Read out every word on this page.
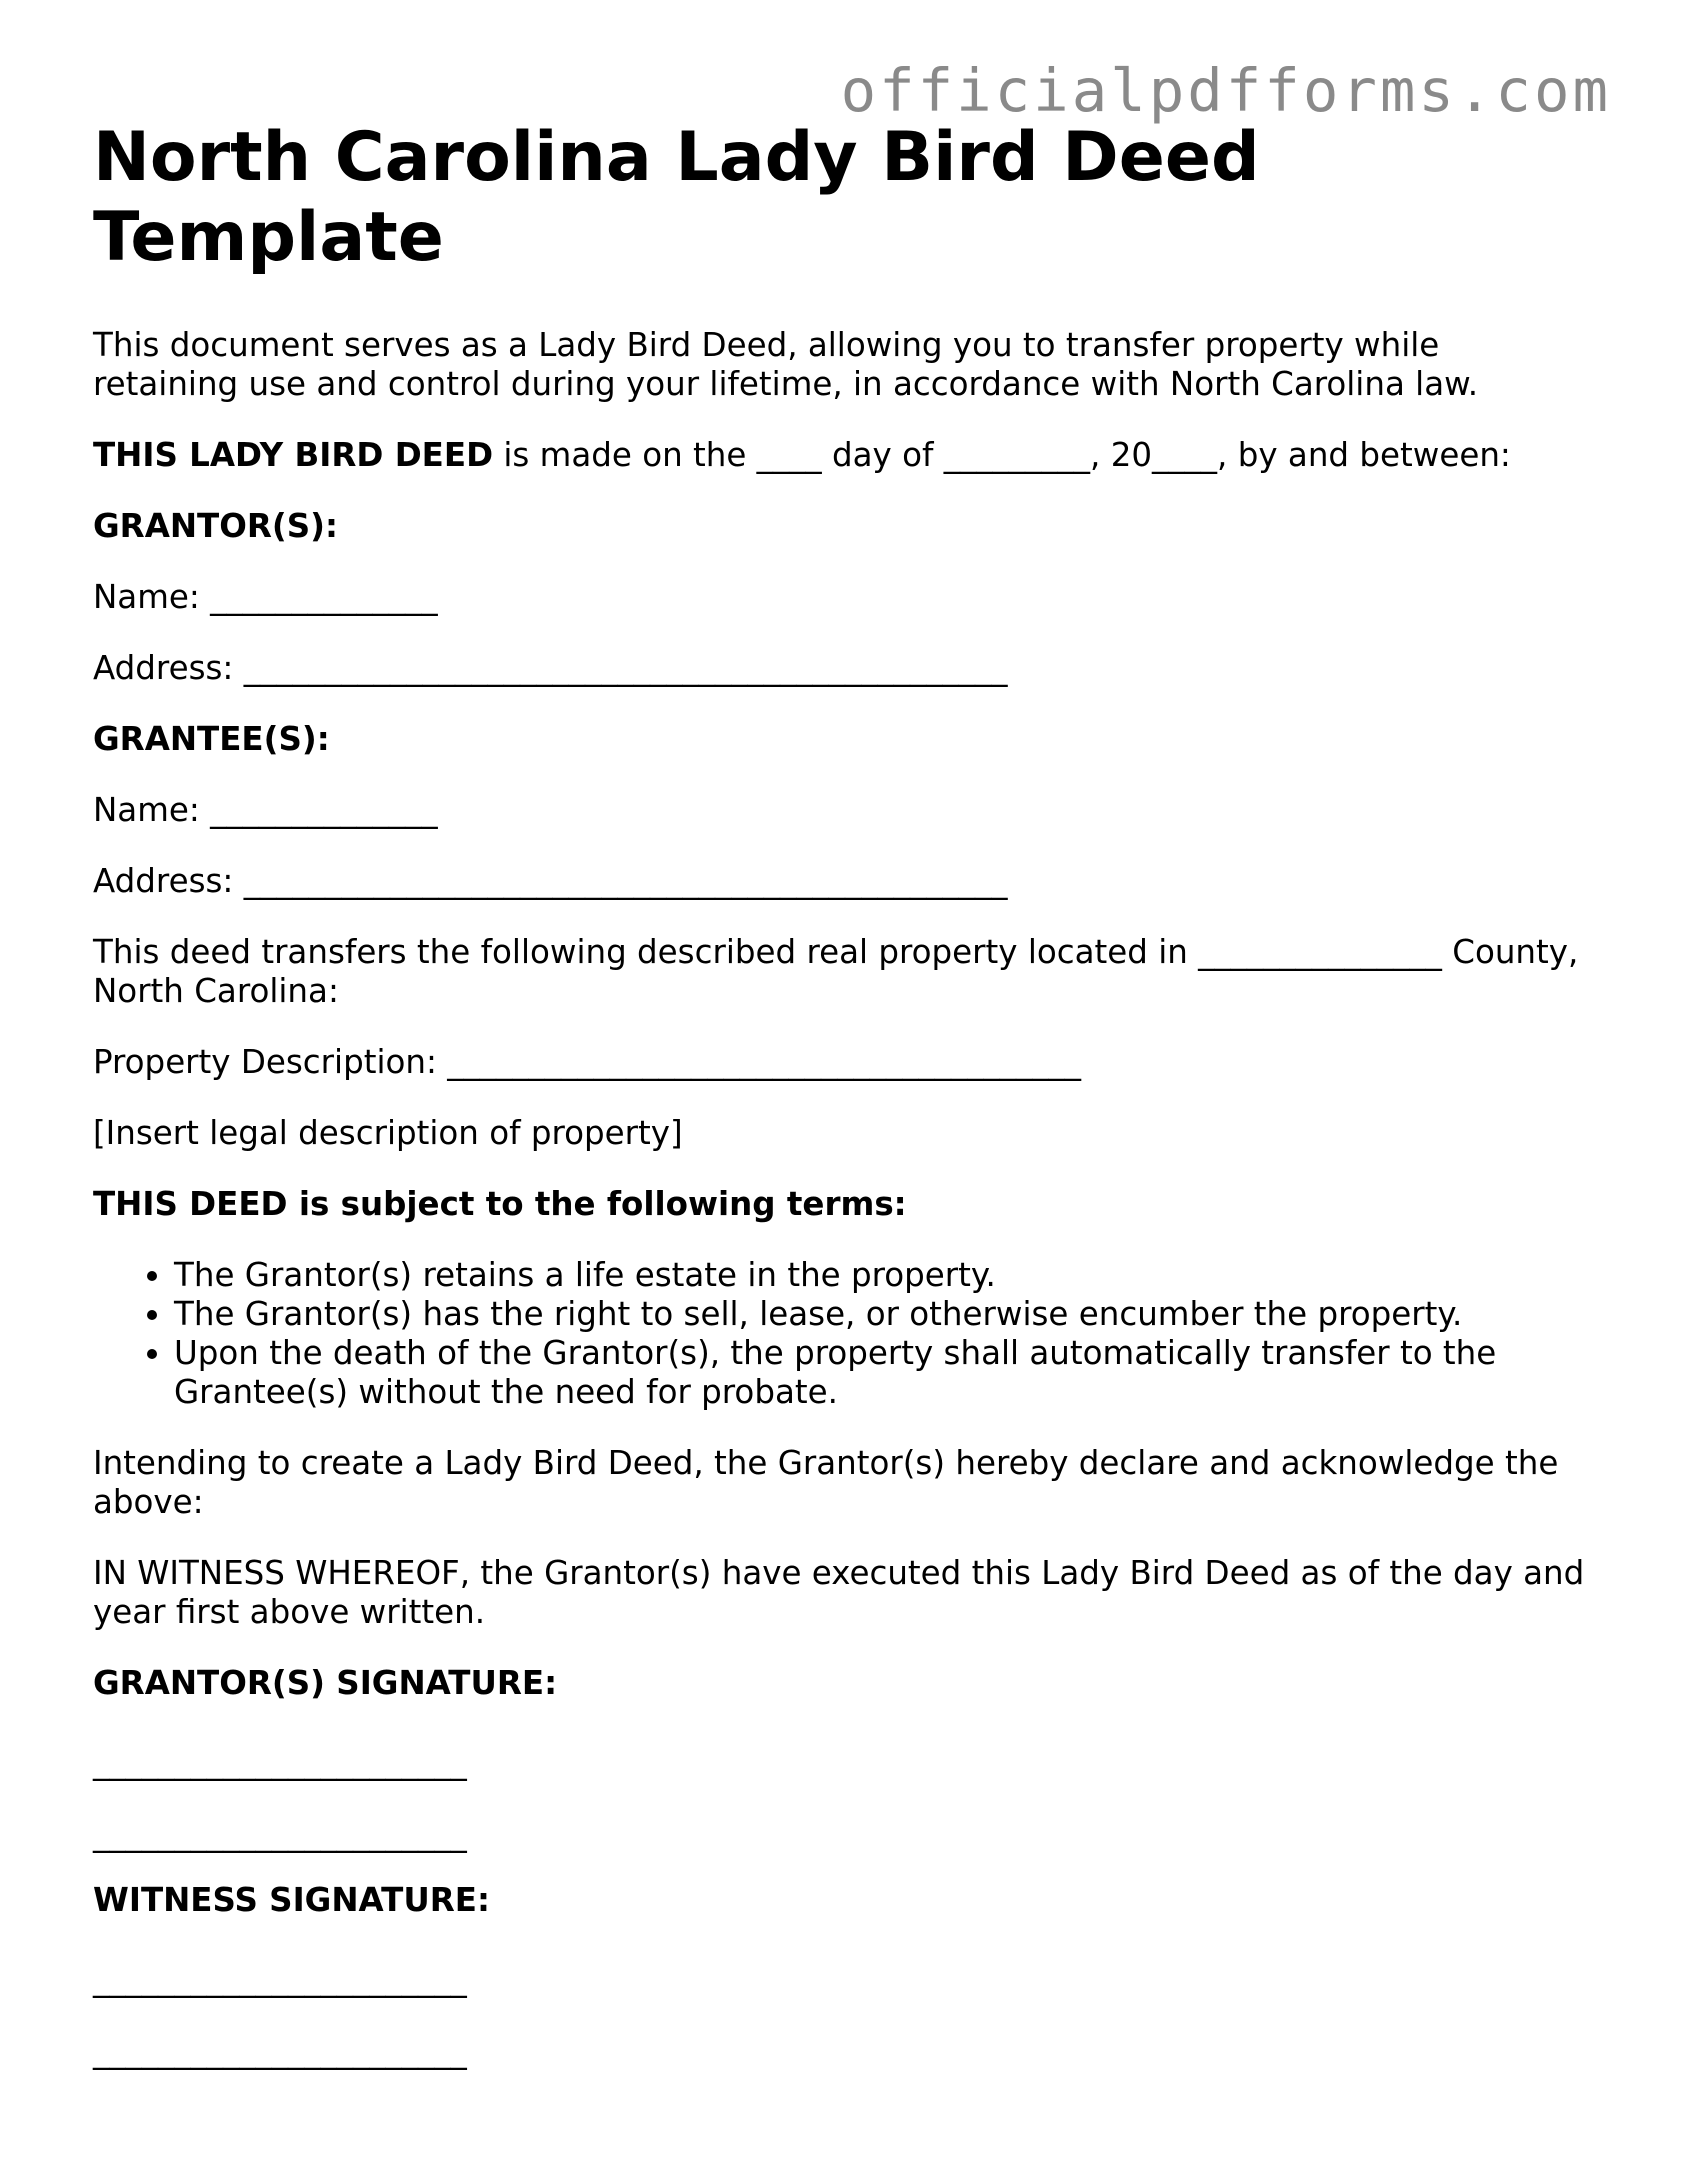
officialpdfforms.com
North Carolina Lady Bird Deed Template

This document serves as a Lady Bird Deed, allowing you to transfer property while retaining use and control during your lifetime, in accordance with North Carolina law.

THIS LADY BIRD DEED is made on the ____ day of _________, 20____, by and between:

GRANTOR(S):

Name: ______________

Address: _______________________________________________

GRANTEE(S):

Name: ______________

Address: _______________________________________________

This deed transfers the following described real property located in _______________ County, North Carolina:

Property Description: _______________________________________

[Insert legal description of property]

THIS DEED is subject to the following terms:

• The Grantor(s) retains a life estate in the property.
• The Grantor(s) has the right to sell, lease, or otherwise encumber the property.
• Upon the death of the Grantor(s), the property shall automatically transfer to the Grantee(s) without the need for probate.

Intending to create a Lady Bird Deed, the Grantor(s) hereby declare and acknowledge the above:

IN WITNESS WHEREOF, the Grantor(s) have executed this Lady Bird Deed as of the day and year first above written.

GRANTOR(S) SIGNATURE:

_______________________
_______________________

WITNESS SIGNATURE:

_______________________
_______________________
